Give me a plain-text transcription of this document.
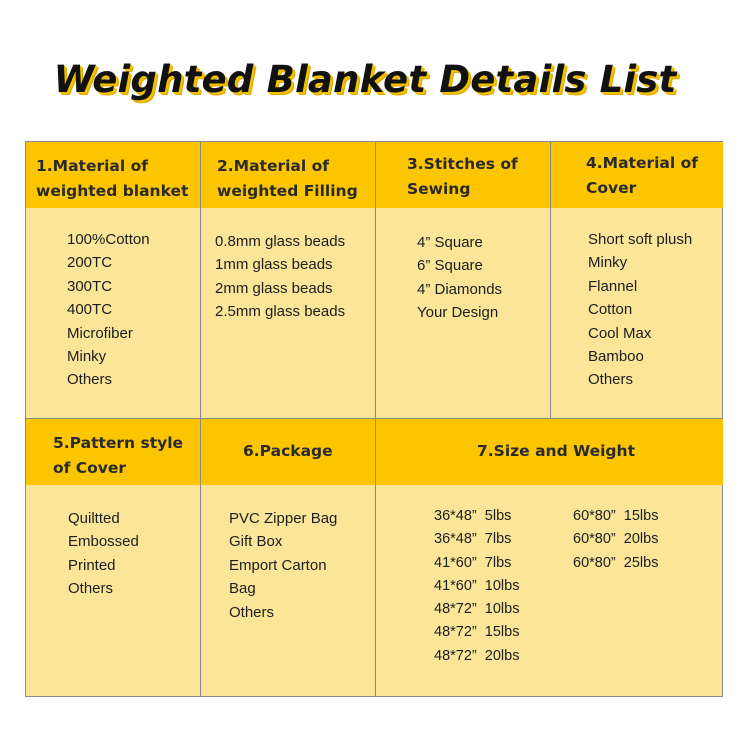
Weighted Blanket Details List
1.Material of
weighted blanket
2.Material of
weighted Filling
3.Stitches of
Sewing
4.Material of
Cover
5.Pattern style
of Cover
6.Package	7.Size and Weight
100%Cotton
200TC
300TC
400TC
Microfiber
Minky
Others
0.8mm glass beads
1mm glass beads
2mm glass beads
2.5mm glass beads
4” Square
6” Square
4” Diamonds
Your Design
Short soft plush
Minky
Flannel
Cotton
Cool Max
Bamboo
Others
Quiltted
Embossed
Printed
Others
PVC Zipper Bag
Gift Box
Emport Carton
Bag
Others
36*48”  5lbs
36*48”  7lbs
41*60”  7lbs
41*60”  10lbs
48*72”  10lbs
48*72”  15lbs
48*72”  20lbs
60*80”  15lbs
60*80”  20lbs
60*80”  25lbs
